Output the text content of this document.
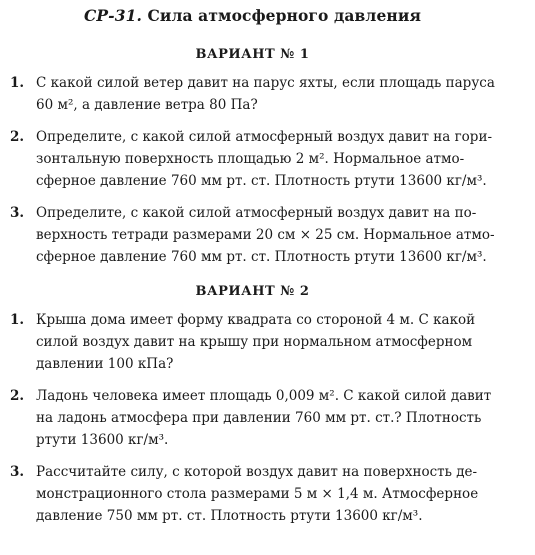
СР-31. Сила атмосферного давления
ВАРИАНТ № 1
1. С какой силой ветер давит на парус яхты, если площадь паруса
60 м², а давление ветра 80 Па?
2. Определите, с какой силой атмосферный воздух давит на гори-
зонтальную поверхность площадью 2 м². Нормальное атмо-
сферное давление 760 мм рт. ст. Плотность ртути 13600 кг/м³.
3. Определите, с какой силой атмосферный воздух давит на по-
верхность тетради размерами 20 см × 25 см. Нормальное атмо-
сферное давление 760 мм рт. ст. Плотность ртути 13600 кг/м³.
ВАРИАНТ № 2
1. Крыша дома имеет форму квадрата со стороной 4 м. С какой
силой воздух давит на крышу при нормальном атмосферном
давлении 100 кПа?
2. Ладонь человека имеет площадь 0,009 м². С какой силой давит
на ладонь атмосфера при давлении 760 мм рт. ст.? Плотность
ртути 13600 кг/м³.
3. Рассчитайте силу, с которой воздух давит на поверхность де-
монстрационного стола размерами 5 м × 1,4 м. Атмосферное
давление 750 мм рт. ст. Плотность ртути 13600 кг/м³.
